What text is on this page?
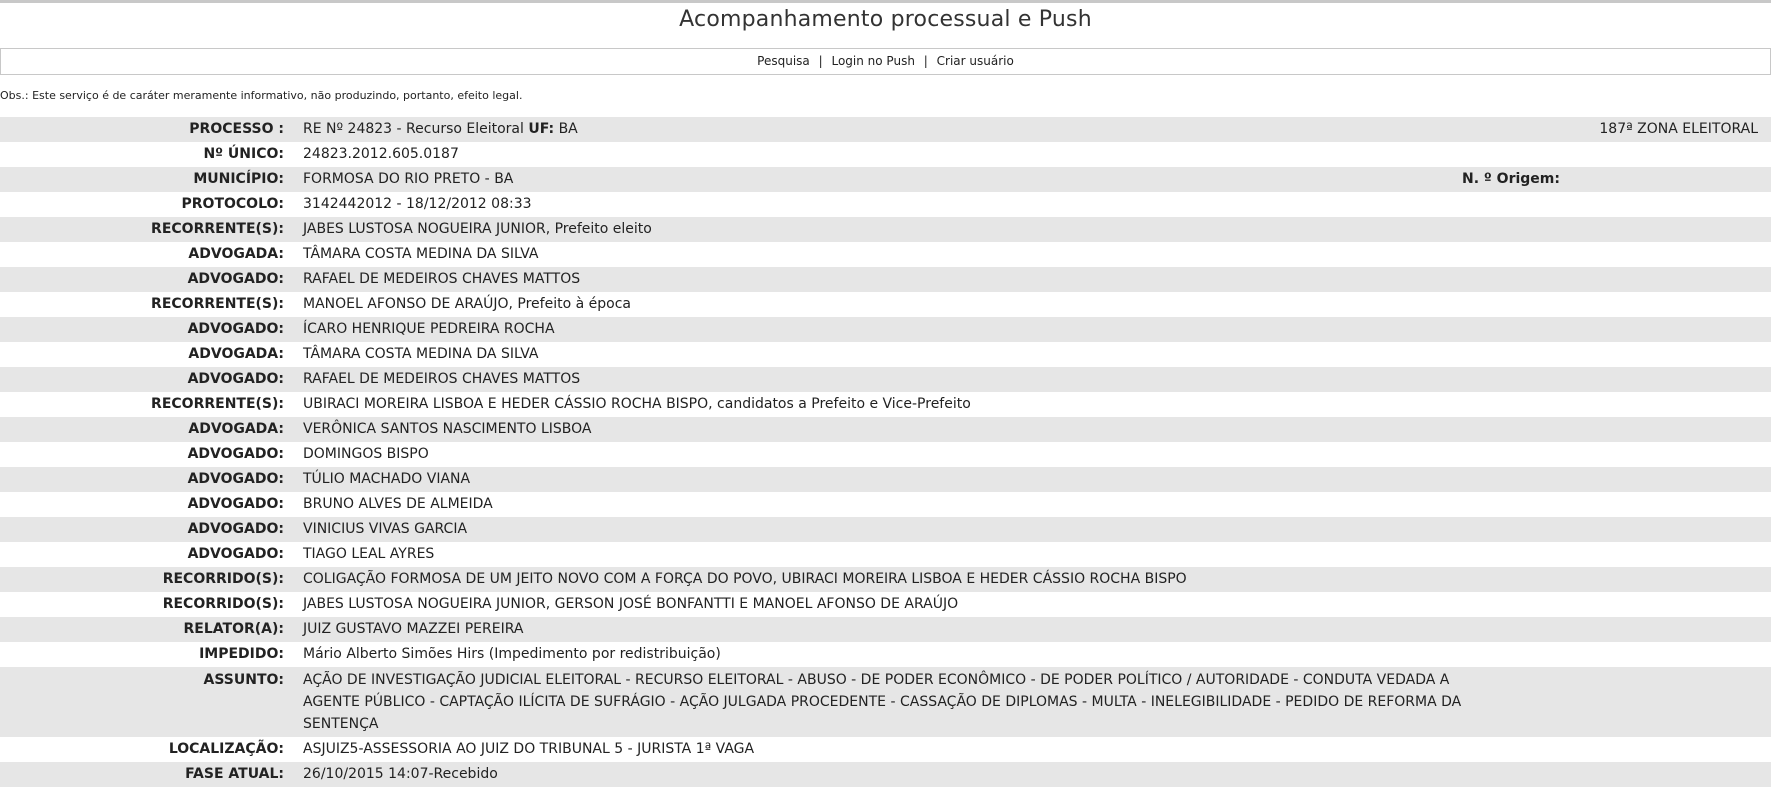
Acompanhamento processual e Push
Pesquisa | Login no Push | Criar usuário
Obs.: Este serviço é de caráter meramente informativo, não produzindo, portanto, efeito legal.
PROCESSO : RE Nº 24823 - Recurso Eleitoral UF: BA	187ª ZONA ELEITORAL
Nº ÚNICO: 24823.2012.605.0187
MUNICÍPIO: FORMOSA DO RIO PRETO - BA	N. º Origem:
PROTOCOLO: 3142442012 - 18/12/2012 08:33
RECORRENTE(S): JABES LUSTOSA NOGUEIRA JUNIOR, Prefeito eleito
ADVOGADA: TÂMARA COSTA MEDINA DA SILVA
ADVOGADO: RAFAEL DE MEDEIROS CHAVES MATTOS
RECORRENTE(S): MANOEL AFONSO DE ARAÚJO, Prefeito à época
ADVOGADO: ÍCARO HENRIQUE PEDREIRA ROCHA
ADVOGADA: TÂMARA COSTA MEDINA DA SILVA
ADVOGADO: RAFAEL DE MEDEIROS CHAVES MATTOS
RECORRENTE(S): UBIRACI MOREIRA LISBOA E HEDER CÁSSIO ROCHA BISPO, candidatos a Prefeito e Vice-Prefeito
ADVOGADA: VERÔNICA SANTOS NASCIMENTO LISBOA
ADVOGADO: DOMINGOS BISPO
ADVOGADO: TÚLIO MACHADO VIANA
ADVOGADO: BRUNO ALVES DE ALMEIDA
ADVOGADO: VINICIUS VIVAS GARCIA
ADVOGADO: TIAGO LEAL AYRES
RECORRIDO(S): COLIGAÇÃO FORMOSA DE UM JEITO NOVO COM A FORÇA DO POVO, UBIRACI MOREIRA LISBOA E HEDER CÁSSIO ROCHA BISPO
RECORRIDO(S): JABES LUSTOSA NOGUEIRA JUNIOR, GERSON JOSÉ BONFANTTI E MANOEL AFONSO DE ARAÚJO
RELATOR(A): JUIZ GUSTAVO MAZZEI PEREIRA
IMPEDIDO: Mário Alberto Simões Hirs (Impedimento por redistribuição)
ASSUNTO: AÇÃO DE INVESTIGAÇÃO JUDICIAL ELEITORAL - RECURSO ELEITORAL - ABUSO - DE PODER ECONÔMICO - DE PODER POLÍTICO / AUTORIDADE - CONDUTA VEDADA A AGENTE PÚBLICO - CAPTAÇÃO ILÍCITA DE SUFRÁGIO - AÇÃO JULGADA PROCEDENTE - CASSAÇÃO DE DIPLOMAS - MULTA - INELEGIBILIDADE - PEDIDO DE REFORMA DA SENTENÇA
LOCALIZAÇÃO: ASJUIZ5-ASSESSORIA AO JUIZ DO TRIBUNAL 5 - JURISTA 1ª VAGA
FASE ATUAL: 26/10/2015 14:07-Recebido
